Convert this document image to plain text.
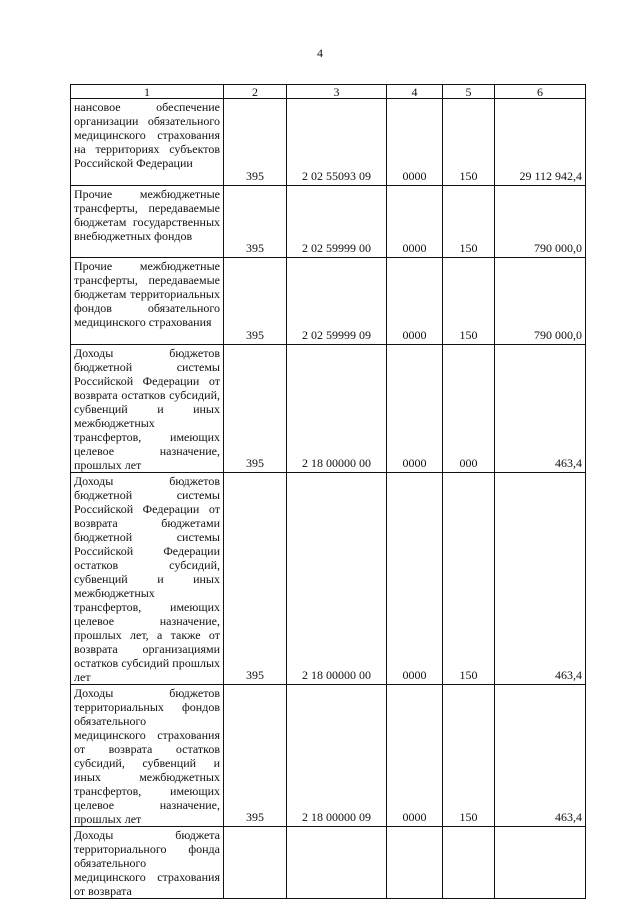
4
1	2	3	4	5	6
нансовое обеспечение организации обязательного медицинского страхования на территориях субъектов Российской Федерации	395	2 02 55093 09	0000	150	29 112 942,4
Прочие межбюджетные трансферты, передаваемые бюджетам государственных внебюджетных фондов	395	2 02 59999 00	0000	150	790 000,0
Прочие межбюджетные трансферты, передаваемые бюджетам территориальных фондов обязательного медицинского страхования	395	2 02 59999 09	0000	150	790 000,0
Доходы бюджетов бюджетной системы Российской Федерации от возврата остатков субсидий, субвенций и иных межбюджетных трансфертов, имеющих целевое назначение, прошлых лет	395	2 18 00000 00	0000	000	463,4
Доходы бюджетов бюджетной системы Российской Федерации от возврата бюджетами бюджетной системы Российской Федерации остатков субсидий, субвенций и иных межбюджетных трансфертов, имеющих целевое назначение, прошлых лет, а также от возврата организациями остатков субсидий прошлых лет	395	2 18 00000 00	0000	150	463,4
Доходы бюджетов территориальных фондов обязательного медицинского страхования от возврата остатков субсидий, субвенций и иных межбюджетных трансфертов, имеющих целевое назначение, прошлых лет	395	2 18 00000 09	0000	150	463,4
Доходы бюджета территориального фонда обязательного медицинского страхования от возврата					
